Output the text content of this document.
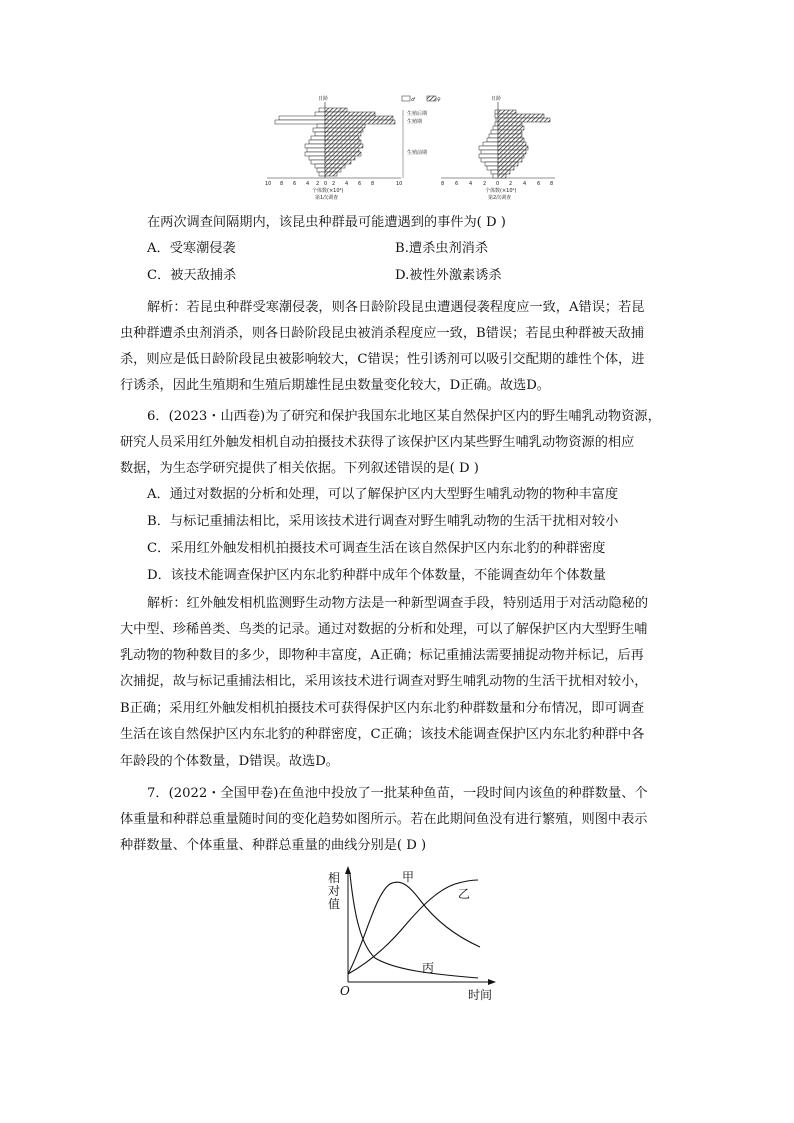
日龄	♂	♀
生殖后期
生殖期
生殖前期
10 8 6 4 2 0 2 4 6 8	10
个体数(×10⁴)
第1次调查
日龄
8 6 4 2 0 2 4 6 8
个体数(×10⁴)
第2次调查
在两次调查间隔期内，该昆虫种群最可能遭遇到的事件为( D )
A．受寒潮侵袭	B.遭杀虫剂消杀
C．被天敌捕杀	D.被性外激素诱杀
解析：若昆虫种群受寒潮侵袭，则各日龄阶段昆虫遭遇侵袭程度应一致，A错误；若昆
虫种群遭杀虫剂消杀，则各日龄阶段昆虫被消杀程度应一致，B错误；若昆虫种群被天敌捕
杀，则应是低日龄阶段昆虫被影响较大，C错误；性引诱剂可以吸引交配期的雄性个体，进
行诱杀，因此生殖期和生殖后期雄性昆虫数量变化较大，D正确。故选D。
6．(2023・山西卷)为了研究和保护我国东北地区某自然保护区内的野生哺乳动物资源，
研究人员采用红外触发相机自动拍摄技术获得了该保护区内某些野生哺乳动物资源的相应
数据，为生态学研究提供了相关依据。下列叙述错误的是( D )
A．通过对数据的分析和处理，可以了解保护区内大型野生哺乳动物的物种丰富度
B．与标记重捕法相比，采用该技术进行调查对野生哺乳动物的生活干扰相对较小
C．采用红外触发相机拍摄技术可调查生活在该自然保护区内东北豹的种群密度
D．该技术能调查保护区内东北豹种群中成年个体数量，不能调查幼年个体数量
解析：红外触发相机监测野生动物方法是一种新型调查手段，特别适用于对活动隐秘的
大中型、珍稀兽类、鸟类的记录。通过对数据的分析和处理，可以了解保护区内大型野生哺
乳动物的物种数目的多少，即物种丰富度，A正确；标记重捕法需要捕捉动物并标记，后再
次捕捉，故与标记重捕法相比，采用该技术进行调查对野生哺乳动物的生活干扰相对较小，
B正确；采用红外触发相机拍摄技术可获得保护区内东北豹种群数量和分布情况，即可调查
生活在该自然保护区内东北豹的种群密度，C正确；该技术能调查保护区内东北豹种群中各
年龄段的个体数量，D错误。故选D。
7．(2022・全国甲卷)在鱼池中投放了一批某种鱼苗，一段时间内该鱼的种群数量、个
体重量和种群总重量随时间的变化趋势如图所示。若在此期间鱼没有进行繁殖，则图中表示
种群数量、个体重量、种群总重量的曲线分别是( D )
O	时间
相
对
值
甲
乙
丙
